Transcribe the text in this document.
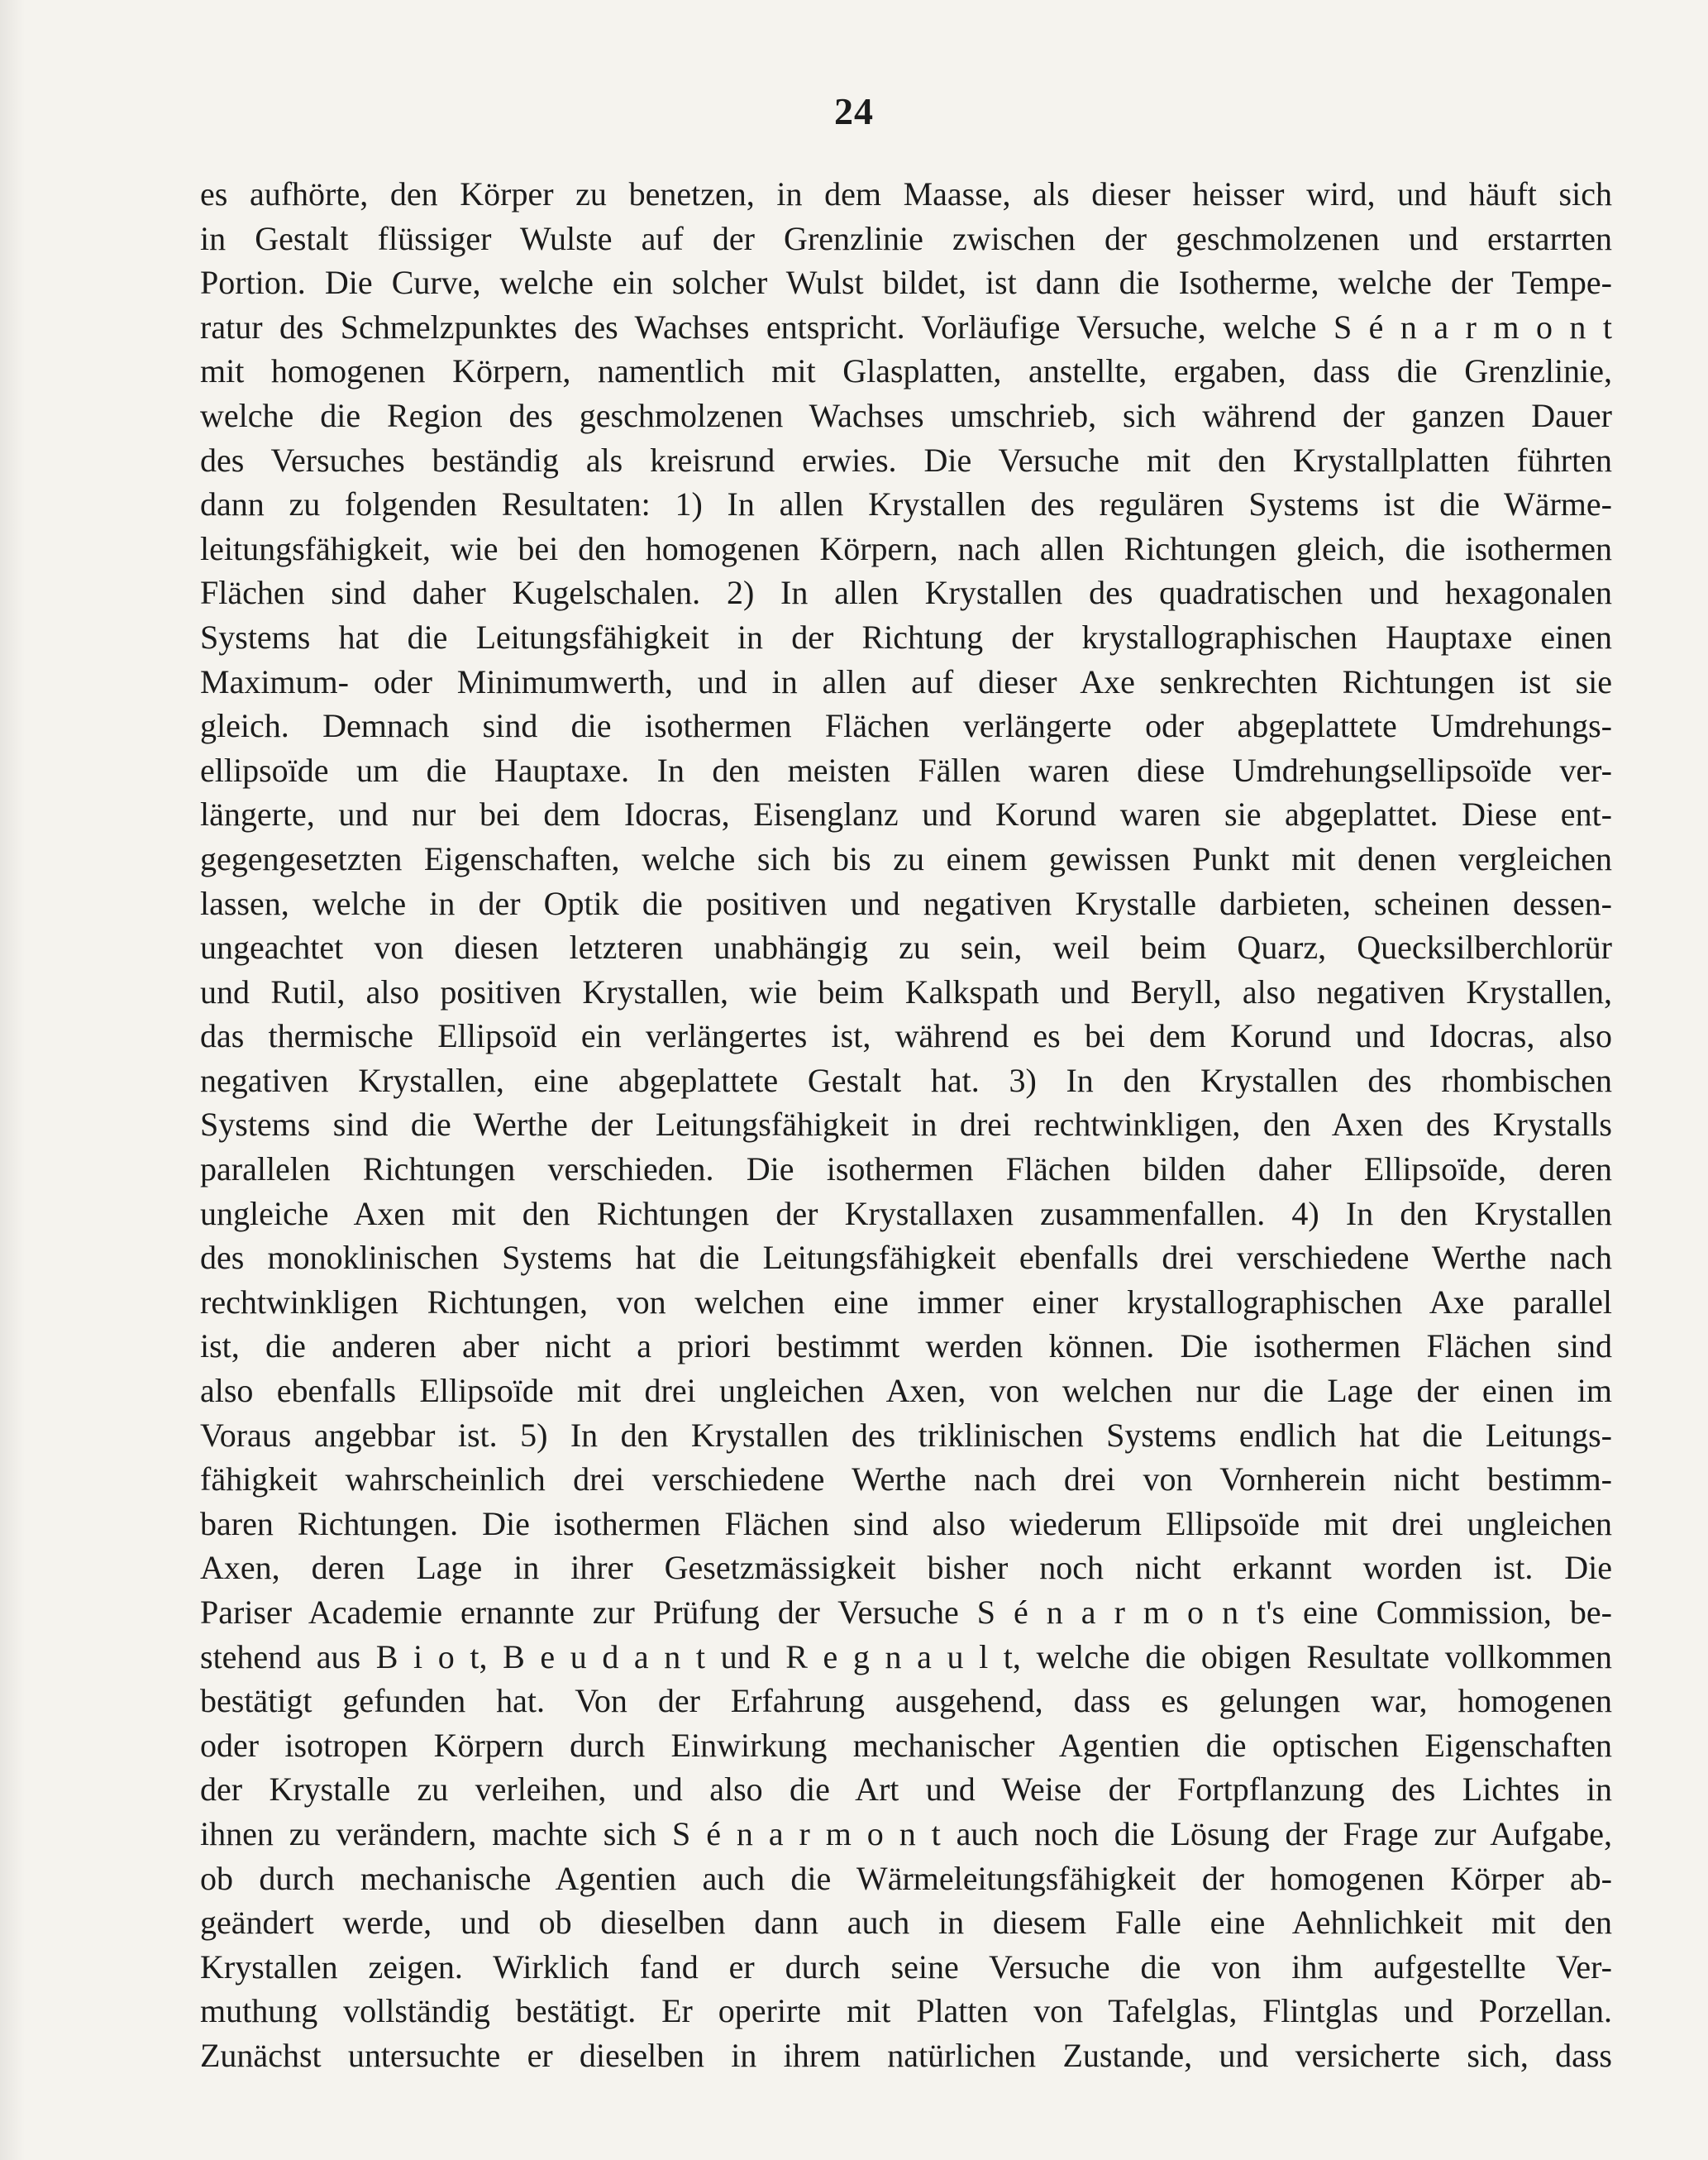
24
es aufhörte, den Körper zu benetzen, in dem Maasse, als dieser heisser wird, und häuft sich
in Gestalt flüssiger Wulste auf der Grenzlinie zwischen der geschmolzenen und erstarrten
Portion. Die Curve, welche ein solcher Wulst bildet, ist dann die Isotherme, welche der Tempe-
ratur des Schmelzpunktes des Wachses entspricht. Vorläufige Versuche, welche S é n a r m o n t
mit homogenen Körpern, namentlich mit Glasplatten, anstellte, ergaben, dass die Grenzlinie,
welche die Region des geschmolzenen Wachses umschrieb, sich während der ganzen Dauer
des Versuches beständig als kreisrund erwies. Die Versuche mit den Krystallplatten führten
dann zu folgenden Resultaten: 1) In allen Krystallen des regulären Systems ist die Wärme-
leitungsfähigkeit, wie bei den homogenen Körpern, nach allen Richtungen gleich, die isothermen
Flächen sind daher Kugelschalen. 2) In allen Krystallen des quadratischen und hexagonalen
Systems hat die Leitungsfähigkeit in der Richtung der krystallographischen Hauptaxe einen
Maximum- oder Minimumwerth, und in allen auf dieser Axe senkrechten Richtungen ist sie
gleich. Demnach sind die isothermen Flächen verlängerte oder abgeplattete Umdrehungs-
ellipsoïde um die Hauptaxe. In den meisten Fällen waren diese Umdrehungsellipsoïde ver-
längerte, und nur bei dem Idocras, Eisenglanz und Korund waren sie abgeplattet. Diese ent-
gegengesetzten Eigenschaften, welche sich bis zu einem gewissen Punkt mit denen vergleichen
lassen, welche in der Optik die positiven und negativen Krystalle darbieten, scheinen dessen-
ungeachtet von diesen letzteren unabhängig zu sein, weil beim Quarz, Quecksilberchlorür
und Rutil, also positiven Krystallen, wie beim Kalkspath und Beryll, also negativen Krystallen,
das thermische Ellipsoïd ein verlängertes ist, während es bei dem Korund und Idocras, also
negativen Krystallen, eine abgeplattete Gestalt hat. 3) In den Krystallen des rhombischen
Systems sind die Werthe der Leitungsfähigkeit in drei rechtwinkligen, den Axen des Krystalls
parallelen Richtungen verschieden. Die isothermen Flächen bilden daher Ellipsoïde, deren
ungleiche Axen mit den Richtungen der Krystallaxen zusammenfallen. 4) In den Krystallen
des monoklinischen Systems hat die Leitungsfähigkeit ebenfalls drei verschiedene Werthe nach
rechtwinkligen Richtungen, von welchen eine immer einer krystallographischen Axe parallel
ist, die anderen aber nicht a priori bestimmt werden können. Die isothermen Flächen sind
also ebenfalls Ellipsoïde mit drei ungleichen Axen, von welchen nur die Lage der einen im
Voraus angebbar ist. 5) In den Krystallen des triklinischen Systems endlich hat die Leitungs-
fähigkeit wahrscheinlich drei verschiedene Werthe nach drei von Vornherein nicht bestimm-
baren Richtungen. Die isothermen Flächen sind also wiederum Ellipsoïde mit drei ungleichen
Axen, deren Lage in ihrer Gesetzmässigkeit bisher noch nicht erkannt worden ist. Die
Pariser Academie ernannte zur Prüfung der Versuche S é n a r m o n t's eine Commission, be-
stehend aus B i o t, B e u d a n t und R e g n a u l t, welche die obigen Resultate vollkommen
bestätigt gefunden hat. Von der Erfahrung ausgehend, dass es gelungen war, homogenen
oder isotropen Körpern durch Einwirkung mechanischer Agentien die optischen Eigenschaften
der Krystalle zu verleihen, und also die Art und Weise der Fortpflanzung des Lichtes in
ihnen zu verändern, machte sich S é n a r m o n t auch noch die Lösung der Frage zur Aufgabe,
ob durch mechanische Agentien auch die Wärmeleitungsfähigkeit der homogenen Körper ab-
geändert werde, und ob dieselben dann auch in diesem Falle eine Aehnlichkeit mit den
Krystallen zeigen. Wirklich fand er durch seine Versuche die von ihm aufgestellte Ver-
muthung vollständig bestätigt. Er operirte mit Platten von Tafelglas, Flintglas und Porzellan.
Zunächst untersuchte er dieselben in ihrem natürlichen Zustande, und versicherte sich, dass
